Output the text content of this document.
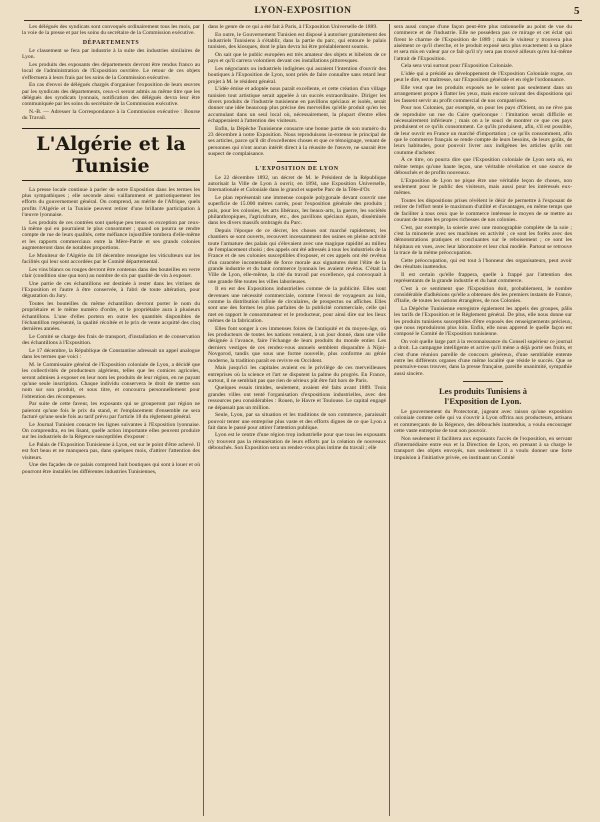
LYON-EXPOSITION	5

Les délégués des syndicats sont convoqués ordinairement tous les mois, par la voie de la presse et par les soins du secrétaire de la Commission exécutive.

DÉPARTEMENTS

Le classement se fera par industrie à la suite des industries similaires de Lyon.

Les produits des exposants des départements devront être rendus franco au local de l'administration de l'Exposition ouvrière. Le retour de ces objets s'effectuera à leurs frais par les soins de la Commission exécutive.

En cas d'envoi de délégués chargés d'organiser l'exposition de leurs œuvres par les syndicats des départements, ceux-ci seront admis au même titre que les délégués des syndicats lyonnais, notification des délégués devra leur être communiquée par les soins du secrétaire de la Commission exécutive.

N.-B. — Adresser la Correspondance à la Commission exécutive : Bourse du Travail.

L'Algérie et la Tunisie

La presse locale continue à parler de notre Exposition dans les termes les plus sympathiques ; elle seconde ainsi vaillamment et patriotiquement les efforts du gouvernement général. On comprend, au mérite de l'Afrique, quels profits l'Algérie et la Tunisie peuvent retirer d'une brillante participation à l'œuvre lyonnaise.

Les produits de ces contrées sont quelque peu tenus en exception par ceux-là même qui en pourraient le plus consommer ; quand on pourra se rendre compte de rue de leurs qualités, cette méfiance injustifiée tombera d'elle-même et les rapports commerciaux entre la Mère-Patrie et ses grands colonies augmenteront dans de notables proportions.

Le Moniteur de l'Algérie du 18 décembre renseigne les viticulteurs sur les facilités qui leur sont accordées par le Comité départemental.

Les vins blancs ou rouges devront être contenus dans des bouteilles en verre clair (condition sine qua non) au nombre de six par qualité de vin à exposer.

Une partie de ces échantillons est destinée à rester dans les vitrines de l'Exposition et l'autre à être conservée, à l'abri de toute altération, pour dégustation du Jury.

Toutes les bouteilles du même échantillon devront porter le nom du propriétaire et le même numéro d'ordre, et le propriétaire aura à plusieurs échantillons. L'une d'elles portera en outre les quantités disponibles de l'échantillon représenté, la qualité récoltée et le prix de vente acquitté des cinq dernières années.

Le Comité se charge des frais de transport, d'installation et de conservation des échantillons à l'Exposition.

Le 17 décembre, la République de Constantine adressait un appel analogue dans les termes que voici :

M. le Commissaire général de l'Exposition coloniale de Lyon, a décidé que les collectivités de producteurs algériens, telles que les comices agricoles, seront admises à exposer en leur nom les produits de leur région, en ne payant qu'une seule inscription. Chaque individu conservera le droit de mettre son nom sur son produit, et sous titre, et concourra personnellement pour l'obtention des récompenses.

Par suite de cette faveur, les exposants qui se grouperont par région ne paieront qu'une fois le prix du stand, et l'emplacement d'ensemble ne sera facturé qu'une seule fois au tarif prévu par l'article 18 du règlement général.

Le Journal Tunisien consacre les lignes suivantes à l'Exposition lyonnaise. On comprendra, en les lisant, quelle action importante elles peuvent produire sur les industriels de la Régence susceptibles d'exposer :

Le Palais de l'Exposition Tunisienne à Lyon, est sur le point d'être achevé. Il est fort beau et ne manquera pas, dans quelques mois, d'attirer l'attention des visiteurs.

Une des façades de ce palais comprend huit boutiques qui sont à louer et où pourront être installés les différentes industries Tunisiennes,

dans le genre de ce qui a été fait à Paris, à l'Exposition Universelle de 1889.

En outre, le Gouvernement Tunisien est disposé à autoriser gratuitement des industriels Tunisiens à s'établir, dans la partie du parc, qui entoure le palais tunisien, des kiosques, dont le plan devra lui être préalablement soumis.

On sait que le public européen est très amateur des objets et bibelots de ce pays et qu'il carrera volontiers devant ces installations pittoresques.

Les négociants ou industriels indigènes qui auraient l'intention d'ouvrir des boutiques à l'Exposition de Lyon, sont priés de faire connaître sans retard leur projet à M. le résident général.

L'idée émise et adoptée nous paraît excellente, et cette création d'un village tunisien tout artistique serait appelée à un succès extraordinaire. Diriger les divers produits de l'industrie tunisienne en pavillons spéciaux et isolés, serait donner une idée beaucoup plus précise des merveilles qu'elle produit qu'en les accumulant dans un seul local où, nécessairement, la plupart d'entre elles échapperaient à l'attention des visiteurs.

Enfin, la Dépêche Tunisienne consacre une bonne partie de son numéro du 23 décembre à notre Exposition. Nous reproduisons in-extenso le principal de ses articles, parce qu'il dit d'excellentes choses et que ce témoignage, venant de personnes qui n'ont aucun intérêt direct à la réussite de l'œuvre, ne saurait être suspect de complaisance.

L'EXPOSITION DE LYON

Le 22 décembre 1892, un décret de M. le Président de la République autorisait la Ville de Lyon à ouvrir, en 1894, une Exposition Universelle, Internationale et Coloniale dans le grand et superbe Parc de la Tête-d'Or.

Le plan représentait une immense coupole polygonale devant couvrir une superficie de 15.000 mètres carrés, pour l'exposition générale des produits ; puis, pour les colonies, les arts libéraux, les beaux-arts, la guerre, les sociétés philanthropiques, l'agriculture, etc., des pavillons spéciaux épars, disséminés dans les divers massifs ombragés du Parc.

Depuis l'époque de ce décret, les choses ont marché rapidement, les chantiers se sont ouverts, recouvert incessamment des usines en pleine activité toute l'armature des palais qui s'élevaient avec une magique rapidité au milieu de l'emplacement choisi ; des appels ont été adressés à tous les industriels de la France et de ses colonies susceptibles d'exposer, et ces appels ont été revêtus d'un caractère incontestable de force morale aux signatures dont l'élite de la grande industrie et du haut commerce lyonnais les avaient revêtus. C'était la Ville de Lyon, elle-même, la cité du travail par excellence, qui convoquait à une grande fête toutes les villes laborieuses.

Il en est des Expositions industrielles comme de la publicité. Elles sont devenues une nécessité commerciale, comme l'envoi de voyageurs au loin, comme la distribution infinie de circulaires, de prospectus ou affiches. Elles sont une des formes les plus parfaites de la publicité commerciale, celle qui met en rapport le consommateur et le producteur, pour ainsi dire sur les lieux mêmes de la fabrication.

Elles font songer à ces immenses foires de l'antiquité et du moyen-âge, où les producteurs de toutes les nations venaient, à un jour donné, dans une ville désignée à l'avance, faire l'échange de leurs produits du monde entier. Les derniers vestiges de ces rendez-vous annuels semblent disparaître à Nijni-Novgorod, tandis que sous une forme nouvelle, plus conforme au génie moderne, la tradition paraît en revivre en Occident.

Mais jusqu'ici les capitales avaient eu le privilège de ces merveilleuses entreprises où la science et l'art se disputent la palme du progrès. En France, surtout, il ne semblait pas que rien de sérieux pût être fait hors de Paris.

Quelques essais timides, seulement, avaient été faits avant 1889. Trois grandes villes ont tenté l'organisation d'expositions industrielles, avec des ressources peu considérables : Rouen, le Havre et Toulouse. Le capital engagé ne dépassait pas un million.

Seule, Lyon, par sa situation et les traditions de son commerce, paraissait pouvoir tenter une entreprise plus vaste et des efforts dignes de ce que Lyon a fait dans le passé pour attirer l'attention publique.

Lyon est le centre d'une région trop industrielle pour que tous les exposants n'y trouvent pas la rémunération de leurs efforts par la création de nouveaux débouchés. Son Exposition sera un rendez-vous plus intime du travail ; elle

sera aussi conçue d'une façon peut-être plus rationnelle au point de vue du commerce et de l'industrie. Elle ne possédera pas ce mirage et cet éclat qui firent le charme de l'Exposition de 1889 ; mais le visiteur y trouvera plus aisément ce qu'il cherche, et le produit exposé sera plus exactement à sa place et sera mis en valeur par ce fait qu'il n'y sera pas trouvé ailleurs qu'en lui-même l'attrait de l'Exposition.

Cela sera vrai surtout pour l'Exposition Coloniale.

L'idée qui a présidé au développement de l'Exposition Coloniale rogne, on peut le dire, est maîtresse, sur l'Exposition générale et en règle l'ordonnance.

Elle veut que les produits exposés ne le soient pas seulement dans un arrangement propre à flatter les yeux, mais encore suivant des dispositions qui les fassent servir au profit commercial de nos compatriotes.

Pour nos Colonies, par exemple, on pour les pays d'Orient, on ne rêve pas de reproduire un rue du Caire quelconque : l'imitation serait difficile et nécessairement inférieure ; mais on a le souci de montrer ce que ces pays produisent et ce qu'ils consomment. Ce qu'ils produisent, afin, s'il est possible, de leur ouvrir en France un marché d'importation ; ce qu'ils consomment, afin que le commerce français se rende compte de leurs besoins, de leurs goûts, de leurs habitudes, pour pouvoir livrer aux indigènes les articles qu'ils ont coutume d'acheter.

À ce titre, on pourra dire que l'Exposition coloniale de Lyon sera où, en même temps qu'une haute leçon, une véritable révélation et une source de débouchés et de profits nouveaux.

L'Exposition de Lyon ne pique être une véritable leçon de choses, non seulement pour le public des visiteurs, mais aussi pour les intéressés eux-mêmes.

Toutes les dispositions prises révèlent le désir de permettre à l'exposant de retirer de l'effort tenté le maximum d'utilité et d'avantages, en même temps que de faciliter à tous ceux que le commerce intéresse le moyen de se mettre au courant de toutes les propres richesses de nos colonies.

C'est, par exemple, la soierie avec une monographie complète de la soie ; c'est la minoterie avec ses machines en activité ; ce sont les forêts avec des démonstrations pratiques et concluantes sur le reboisement ; ce sont les hôpitaux en vues, avec leur laboratoire et leur chai modèle. Partout se retrouve la trace de la même préoccupation.

Cette préoccupation, qui est tout à l'honneur des organisateurs, peut avoir des résultats inattendus.

Il est certain qu'elle frappera, quelle à frappé par l'attention des représentants de la grande industrie et du haut commerce.

C'est à ce sentiment que l'Exposition doit, probablement, le nombre considérable d'adhésions qu'elle a obtenues dès les premiers instants de France, d'Italie, de toutes les nations étrangères, de nos Colonies.

La Dépêche Tunisienne enregistre également les appels des groupes, pâlis les tarifs de l'Exposition et le Règlement général. De plus, elle nous donne sur les produits tunisiens susceptibles d'être exposés des renseignements précieux, que nous reproduirons plus loin. Enfin, elle nous apprend le quelle façon est composé le Comité de l'Exposition tunisienne.

On voit quelle large part à la reconnaissance du Conseil supérieur ce journal a droit. La campagne intelligente et active qu'il mène a déjà porté ses fruits, et c'est d'une réunion pareille de concours généreux, d'une semblable entente entre les différents organes d'une même localité que réside le succès. Que se poursuive-nous trouver, dans la presse française, pareille unanimité, sympathie aussi sincère.

Les produits Tunisiens à
l'Exposition de Lyon.

Le gouvernement du Protectorat, jugeant avec raison qu'une exposition coloniale comme celle qui va s'ouvrir à Lyon offrira aux producteurs, artisans et commerçants de la Régence, des débouchés inattendus, a voulu encourager cette vaste entreprise de tout son pouvoir.

Non seulement il facilitera aux exposants l'accès de l'exposition, en servant d'intermédiaire entre eux et la Direction de Lyon, en prenant à sa charge le transport des objets envoyés, non seulement il a voulu donner une forte impulsion à l'initiative privée, en instituant un Comité
